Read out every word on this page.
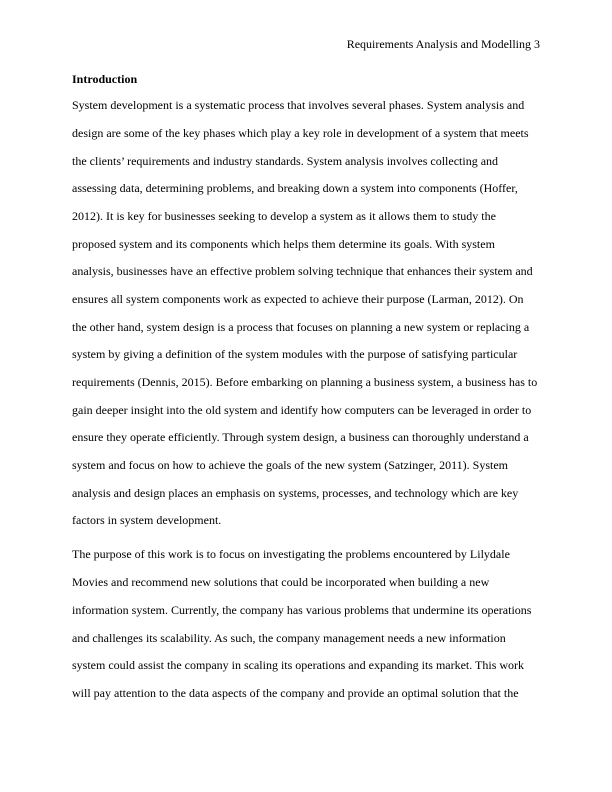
Requirements Analysis and Modelling 3
Introduction
System development is a systematic process that involves several phases. System analysis and
design are some of the key phases which play a key role in development of a system that meets
the clients’ requirements and industry standards. System analysis involves collecting and
assessing data, determining problems, and breaking down a system into components (Hoffer,
2012). It is key for businesses seeking to develop a system as it allows them to study the
proposed system and its components which helps them determine its goals. With system
analysis, businesses have an effective problem solving technique that enhances their system and
ensures all system components work as expected to achieve their purpose (Larman, 2012). On
the other hand, system design is a process that focuses on planning a new system or replacing a
system by giving a definition of the system modules with the purpose of satisfying particular
requirements (Dennis, 2015). Before embarking on planning a business system, a business has to
gain deeper insight into the old system and identify how computers can be leveraged in order to
ensure they operate efficiently. Through system design, a business can thoroughly understand a
system and focus on how to achieve the goals of the new system (Satzinger, 2011). System
analysis and design places an emphasis on systems, processes, and technology which are key
factors in system development.
The purpose of this work is to focus on investigating the problems encountered by Lilydale
Movies and recommend new solutions that could be incorporated when building a new
information system. Currently, the company has various problems that undermine its operations
and challenges its scalability. As such, the company management needs a new information
system could assist the company in scaling its operations and expanding its market. This work
will pay attention to the data aspects of the company and provide an optimal solution that the
